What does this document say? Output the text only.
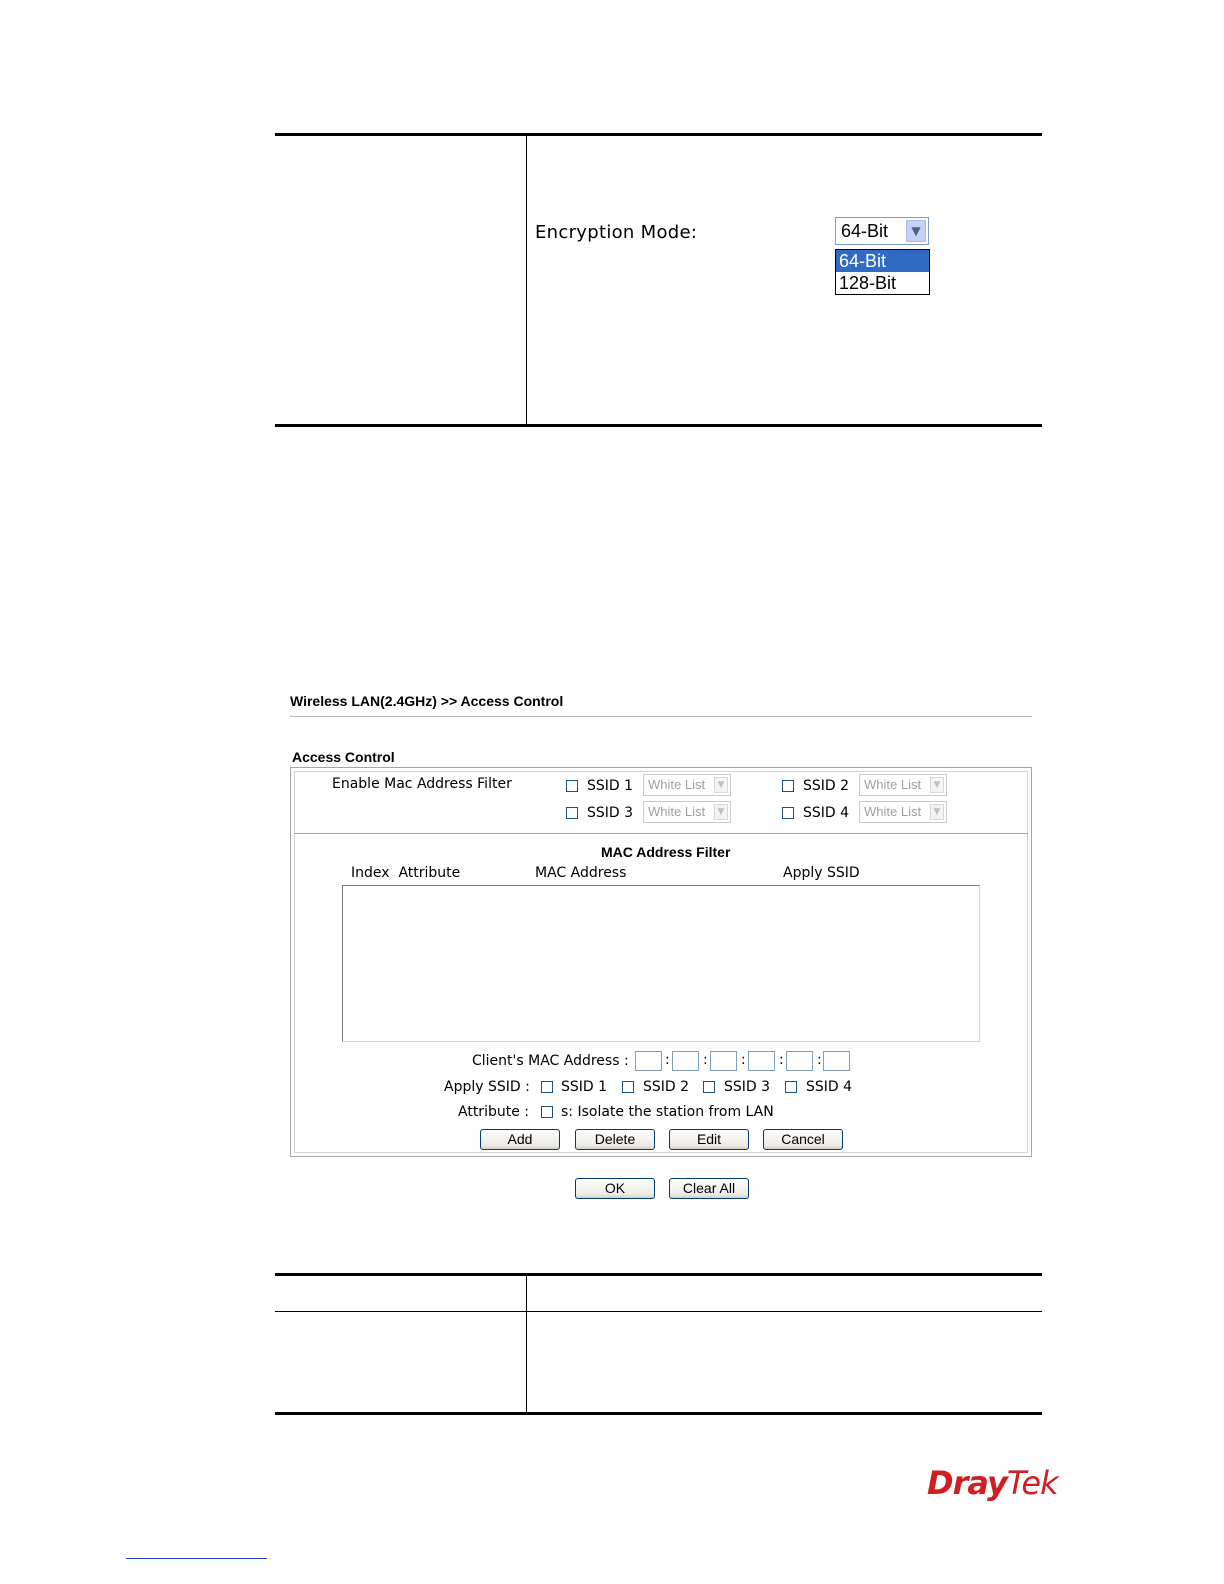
Encryption Mode:	64-Bit	▼
64-Bit
128-Bit
Wireless LAN(2.4GHz) >> Access Control
Access Control
Enable Mac Address Filter	SSID 1 White List	▼	SSID 2 White List	▼
SSID 3 White List	▼	SSID 4 White List	▼
MAC Address Filter
Index  Attribute	MAC Address	Apply SSID
Client's MAC Address :	: : : : :
Apply SSID : SSID 1	SSID 2 SSID 3	SSID 4
Attribute : s: Isolate the station from LAN
Add	Delete	Edit	Cancel
OK	Clear All
DrayTek
